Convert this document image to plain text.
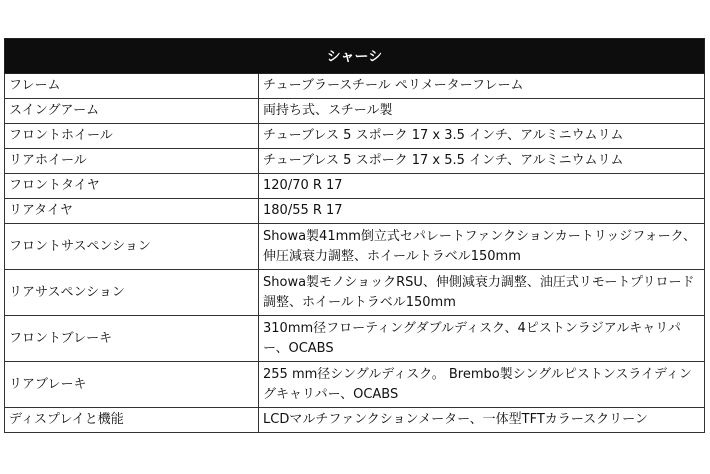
シャーシ	
フレーム	チューブラースチール ペリメーターフレーム
スイングアーム	両持ち式、スチール製
フロントホイール	チューブレス 5 スポーク 17 x 3.5 インチ、アルミニウムリム
リアホイール	チューブレス 5 スポーク 17 x 5.5 インチ、アルミニウムリム
フロントタイヤ	120/70 R 17
リアタイヤ	180/55 R 17
フロントサスペンション	Showa製41mm倒立式セパレートファンクションカートリッジフォーク、伸圧減衰力調整、ホイールトラベル150mm
リアサスペンション	Showa製モノショックRSU、伸側減衰力調整、油圧式リモートプリロード調整、ホイールトラベル150mm
フロントブレーキ	310mm径フローティングダブルディスク、4ピストンラジアルキャリパー、OCABS
リアブレーキ	255 mm径シングルディスク。 Brembo製シングルピストンスライディングキャリパー、OCABS
ディスプレイと機能	LCDマルチファンクションメーター、一体型TFTカラースクリーン
